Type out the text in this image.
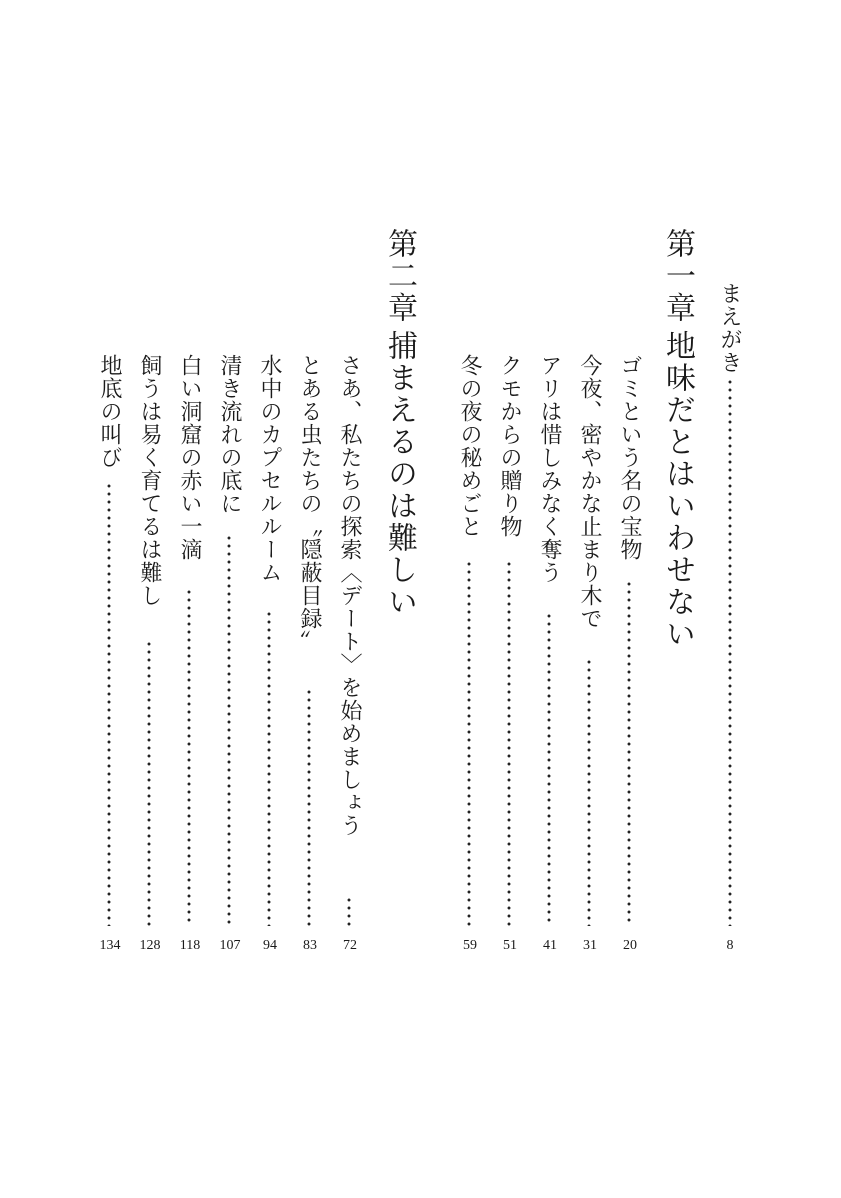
まえがき
8
第一章
地味だとはいわせない
ゴミという名の宝物
20
今夜、密やかな止まり木で
31
アリは惜しみなく奪う
41
クモからの贈り物
51
冬の夜の秘めごと
59
第二章
捕まえるのは難しい
さあ、私たちの探索〈デート〉を始めましょう
72
とある虫たちの〝隠蔽目録〟
83
水中のカプセルルーム
94
清き流れの底に
107
白い洞窟の赤い一滴
118
飼うは易く育てるは難し
128
地底の叫び
134
